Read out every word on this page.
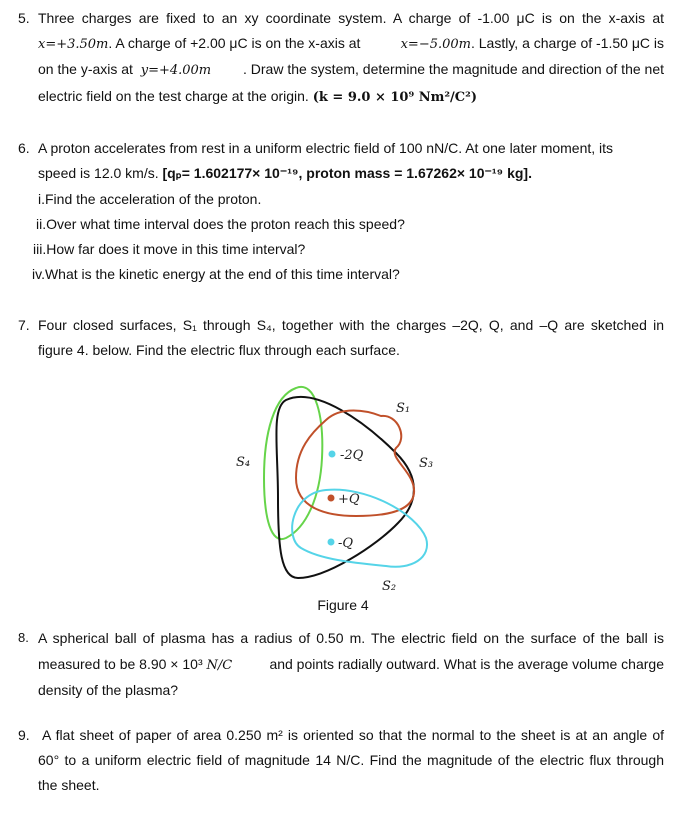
5. Three charges are fixed to an xy coordinate system. A charge of -1.00 μC is on the x-axis at
x=+3.50m. A charge of +2.00 μC is on the x-axis at	x=−5.00m. Lastly, a charge of -1.50 μC is
on the y-axis at y=+4.00m . Draw the system, determine the magnitude and direction of the net
electric field on the test charge at the origin. (k = 9.0 × 10⁹ Nm²/C²)
6. A proton accelerates from rest in a uniform electric field of 100 nN/C. At one later moment, its
speed is 12.0 km/s. [qₚ= 1.602177× 10⁻¹⁹, proton mass = 1.67262× 10⁻¹⁹ kg].
i.Find the acceleration of the proton.
ii.Over what time interval does the proton reach this speed?
iii.How far does it move in this time interval?
iv.What is the kinetic energy at the end of this time interval?
7. Four closed surfaces, S₁ through S₄, together with the charges –2Q, Q, and –Q are sketched in
figure 4. below. Find the electric flux through each surface.
-2Q
+Q
-Q
S₁
S₂
S₃
S₄
Figure 4
8. A spherical ball of plasma has a radius of 0.50 m. The electric field on the surface of the ball is
measured to be 8.90 × 10³ N/C	and points radially outward. What is the average volume charge
density of the plasma?
9. A flat sheet of paper of area 0.250 m² is oriented so that the normal to the sheet is at an angle of
60° to a uniform electric field of magnitude 14 N/C. Find the magnitude of the electric flux through
the sheet.
